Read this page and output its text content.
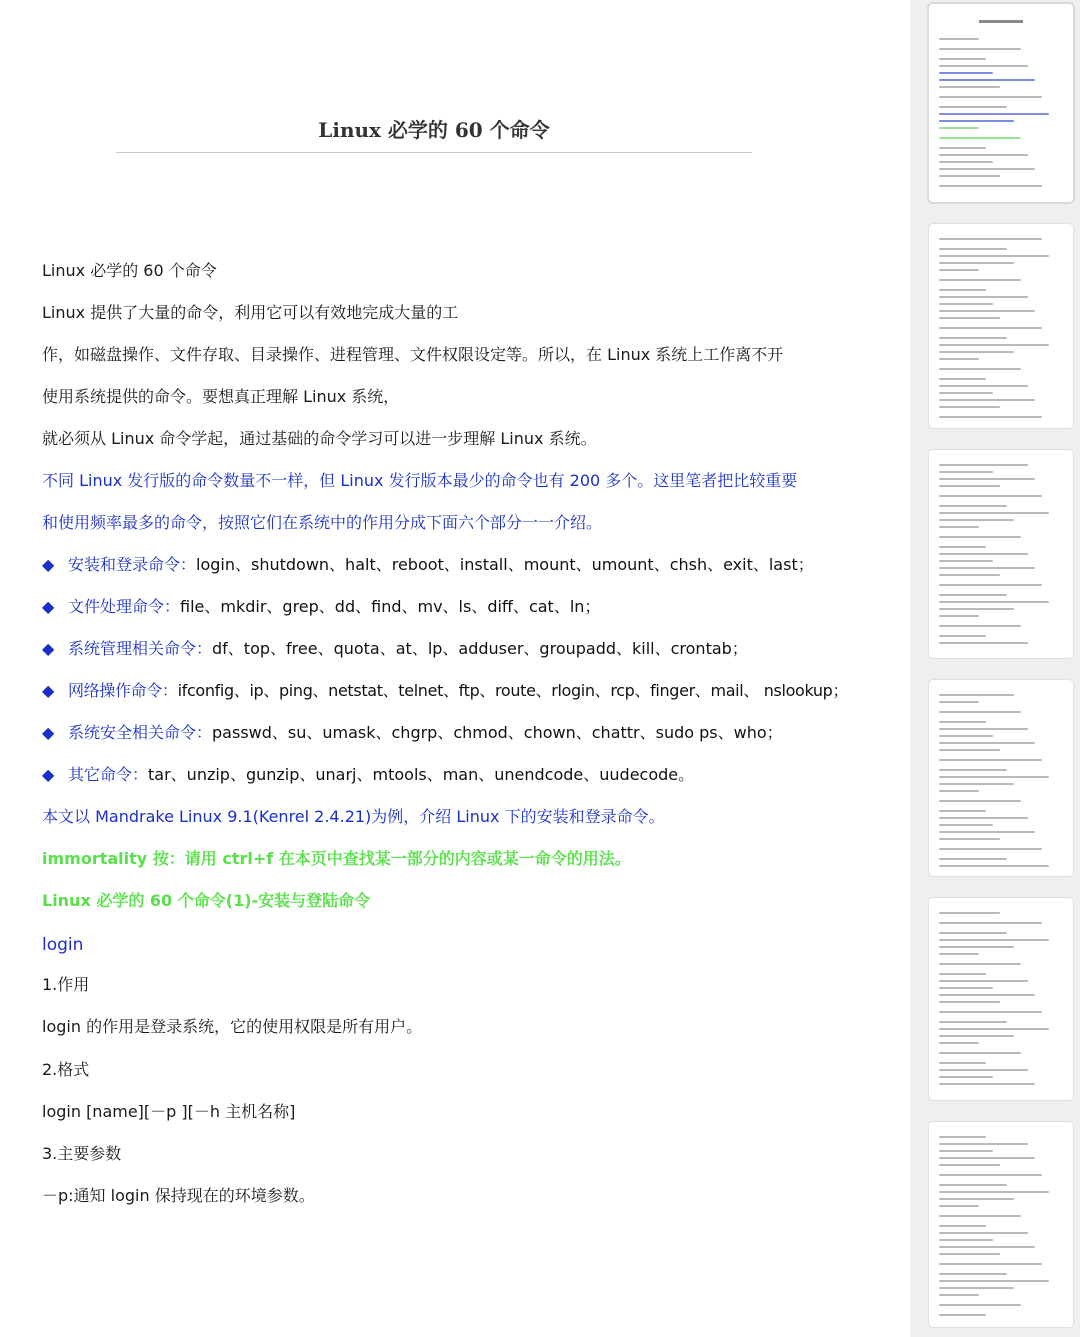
Linux 必学的 60 个命令
Linux 必学的 60 个命令
Linux 提供了大量的命令，利用它可以有效地完成大量的工
作，如磁盘操作、文件存取、目录操作、进程管理、文件权限设定等。所以，在 Linux 系统上工作离不开
使用系统提供的命令。要想真正理解 Linux 系统，
就必须从 Linux 命令学起，通过基础的命令学习可以进一步理解 Linux 系统。
不同 Linux 发行版的命令数量不一样，但 Linux 发行版本最少的命令也有 200 多个。这里笔者把比较重要
和使用频率最多的命令，按照它们在系统中的作用分成下面六个部分一一介绍。
◆ 安装和登录命令：login、shutdown、halt、reboot、install、mount、umount、chsh、exit、last；
◆ 文件处理命令：file、mkdir、grep、dd、find、mv、ls、diff、cat、ln；
◆ 系统管理相关命令：df、top、free、quota、at、lp、adduser、groupadd、kill、crontab；
◆ 网络操作命令：ifconfig、ip、ping、netstat、telnet、ftp、route、rlogin、rcp、finger、mail、 nslookup；
◆ 系统安全相关命令：passwd、su、umask、chgrp、chmod、chown、chattr、sudo ps、who；
◆ 其它命令：tar、unzip、gunzip、unarj、mtools、man、unendcode、uudecode。
本文以 Mandrake Linux 9.1(Kenrel 2.4.21)为例，介绍 Linux 下的安装和登录命令。
immortality 按：请用 ctrl+f 在本页中查找某一部分的内容或某一命令的用法。
Linux 必学的 60 个命令(1)-安装与登陆命令
login
1.作用
login 的作用是登录系统，它的使用权限是所有用户。
2.格式
login [name][－p ][－h 主机名称]
3.主要参数
－p:通知 login 保持现在的环境参数。
